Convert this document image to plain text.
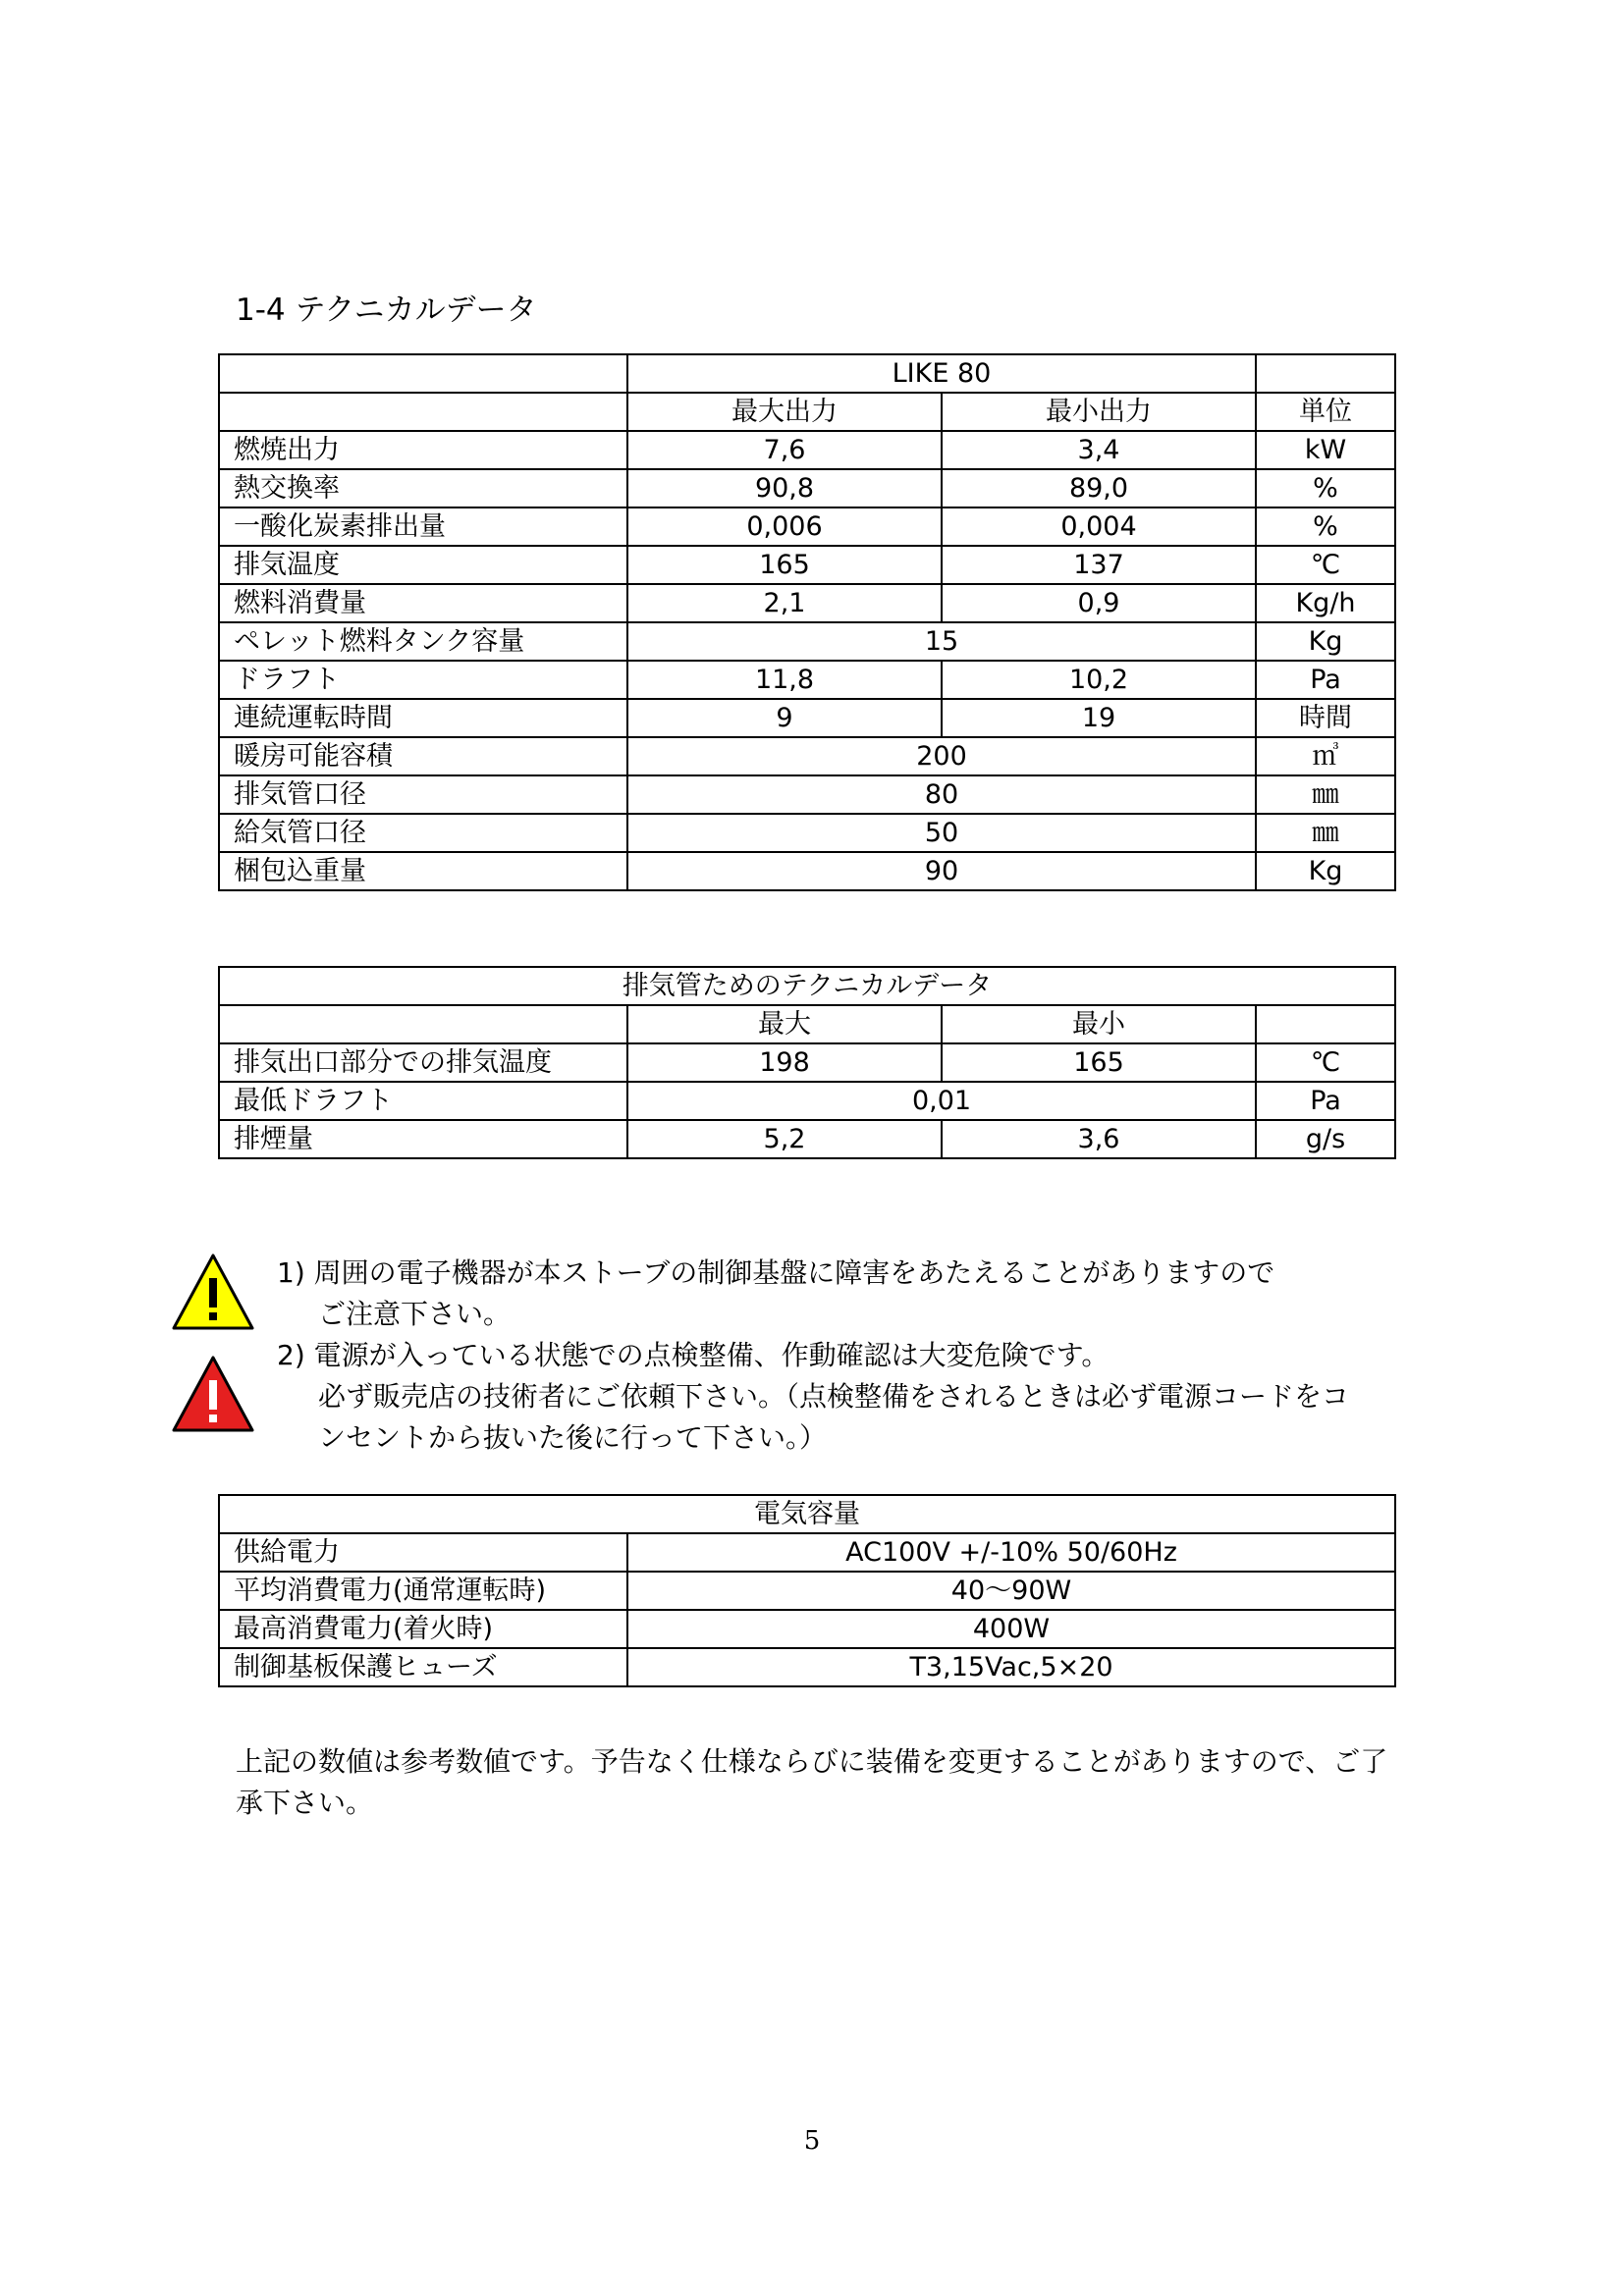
1-4 テクニカルデータ
	LIKE 80		
	最大出力	最小出力	単位
燃焼出力	7,6	3,4	kW
熱交換率	90,8	89,0	%
一酸化炭素排出量	0,006	0,004	%
排気温度	165	137	℃
燃料消費量	2,1	0,9	Kg/h
ペレット燃料タンク容量	15		Kg
ドラフト	11,8	10,2	Pa
連続運転時間	9	19	時間
暖房可能容積	200		㎥
排気管口径	80		㎜
給気管口径	50		㎜
梱包込重量	90		Kg
排気管ためのテクニカルデータ			
	最大	最小	
排気出口部分での排気温度	198	165	℃
最低ドラフト	0,01		Pa
排煙量	5,2	3,6	g/s
1) 周囲の電子機器が本ストーブの制御基盤に障害をあたえることがありますので
ご注意下さい。
2) 電源が入っている状態での点検整備、作動確認は大変危険です。
必ず販売店の技術者にご依頼下さい。（点検整備をされるときは必ず電源コードをコ
ンセントから抜いた後に行って下さい。）
電気容量	
供給電力	AC100V +/-10% 50/60Hz
平均消費電力(通常運転時)	40～90W
最高消費電力(着火時)	400W
制御基板保護ヒューズ	T3,15Vac,5×20
上記の数値は参考数値です。予告なく仕様ならびに装備を変更することがありますので、ご了承下さい。
5
